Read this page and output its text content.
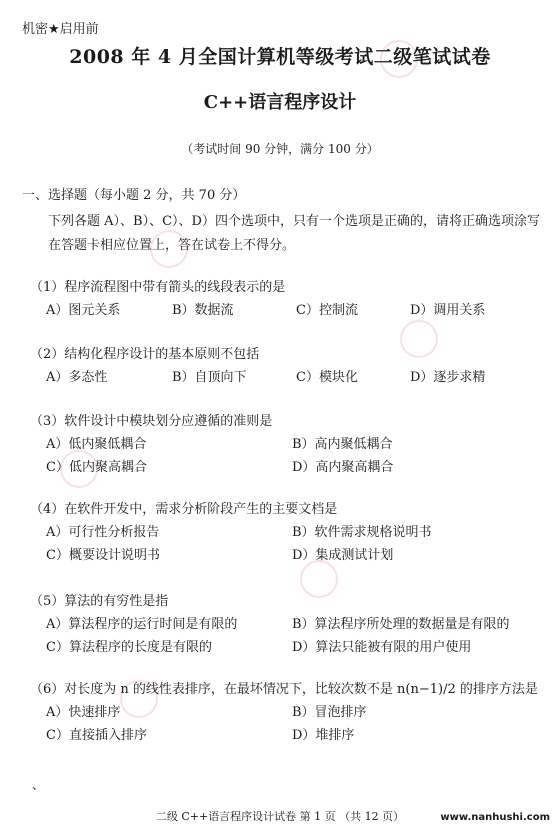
机密★启用前
2008 年 4 月全国计算机等级考试二级笔试试卷
C++语言程序设计
（考试时间 90 分钟，满分 100 分）
一、选择题（每小题 2 分，共 70 分）
下列各题 A）、B）、C）、D）四个选项中，只有一个选项是正确的，请将正确选项涂写
在答题卡相应位置上，答在试卷上不得分。
（1）程序流程图中带有箭头的线段表示的是
A）图元关系	B）数据流	C）控制流	D）调用关系
（2）结构化程序设计的基本原则不包括
A）多态性	B）自顶向下	C）模块化	D）逐步求精
（3）软件设计中模块划分应遵循的准则是
A）低内聚低耦合	B）高内聚低耦合
C）低内聚高耦合	D）高内聚高耦合
（4）在软件开发中，需求分析阶段产生的主要文档是
A）可行性分析报告	B）软件需求规格说明书
C）概要设计说明书	D）集成测试计划
（5）算法的有穷性是指
A）算法程序的运行时间是有限的	B）算法程序所处理的数据量是有限的
C）算法程序的长度是有限的	D）算法只能被有限的用户使用
（6）对长度为 n 的线性表排序，在最坏情况下，比较次数不是 n(n−1)/2 的排序方法是
A）快速排序	B）冒泡排序
C）直接插入排序	D）堆排序
、
二级 C++语言程序设计试卷 第 1 页 （共 12 页）	www.nanhushi.com
